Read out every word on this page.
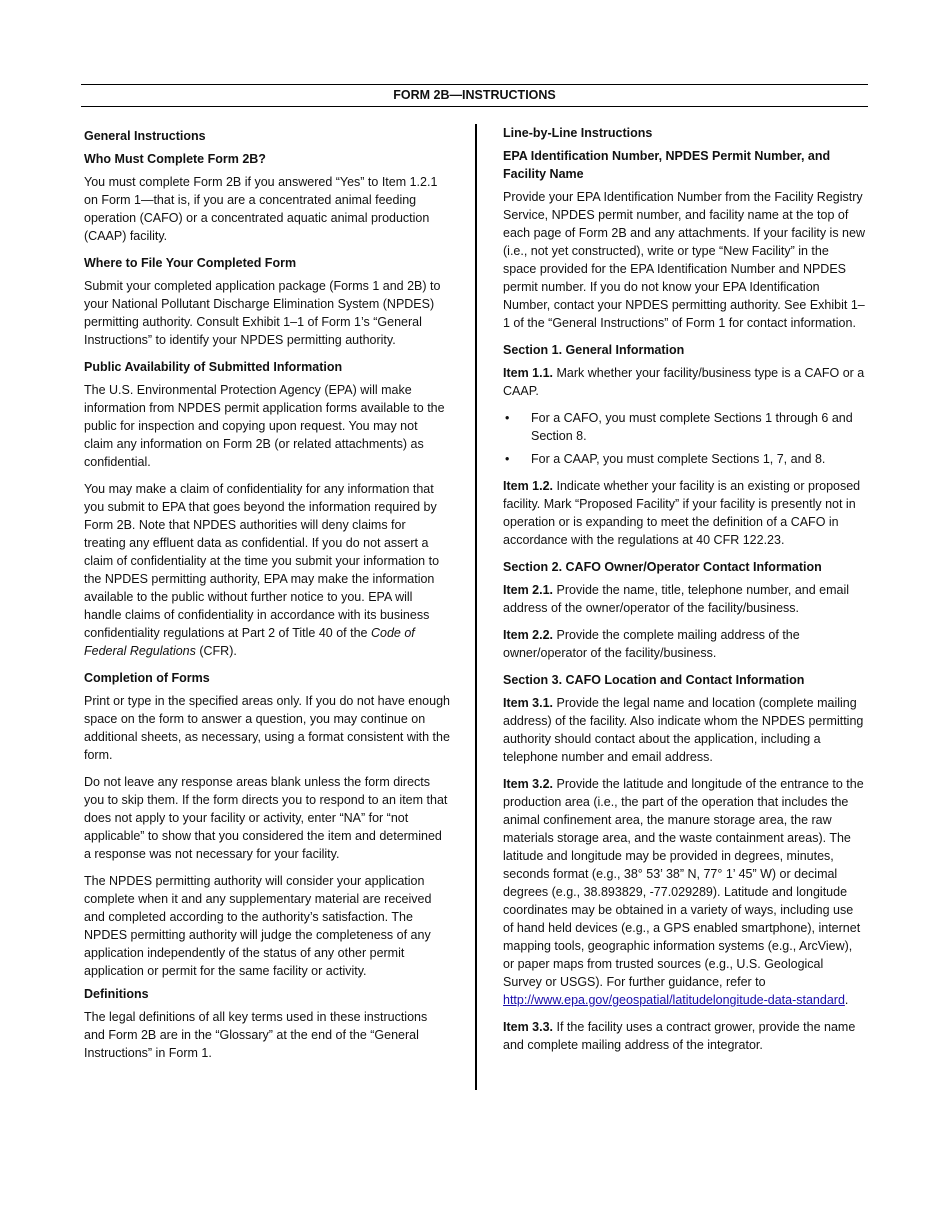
FORM 2B—INSTRUCTIONS
General Instructions
Who Must Complete Form 2B?

You must complete Form 2B if you answered “Yes” to Item 1.2.1 on Form 1—that is, if you are a concentrated animal feeding operation (CAFO) or a concentrated aquatic animal production (CAAP) facility.

Where to File Your Completed Form

Submit your completed application package (Forms 1 and 2B) to your National Pollutant Discharge Elimination System (NPDES) permitting authority. Consult Exhibit 1–1 of Form 1’s “General Instructions” to identify your NPDES permitting authority.

Public Availability of Submitted Information

The U.S. Environmental Protection Agency (EPA) will make information from NPDES permit application forms available to the public for inspection and copying upon request. You may not claim any information on Form 2B (or related attachments) as confidential.

You may make a claim of confidentiality for any information that you submit to EPA that goes beyond the information required by Form 2B. Note that NPDES authorities will deny claims for treating any effluent data as confidential. If you do not assert a claim of confidentiality at the time you submit your information to the NPDES permitting authority, EPA may make the information available to the public without further notice to you. EPA will handle claims of confidentiality in accordance with its business confidentiality regulations at Part 2 of Title 40 of the Code of Federal Regulations (CFR).

Completion of Forms

Print or type in the specified areas only. If you do not have enough space on the form to answer a question, you may continue on additional sheets, as necessary, using a format consistent with the form.

Do not leave any response areas blank unless the form directs you to skip them. If the form directs you to respond to an item that does not apply to your facility or activity, enter “NA” for “not applicable” to show that you considered the item and determined a response was not necessary for your facility.

The NPDES permitting authority will consider your application complete when it and any supplementary material are received and completed according to the authority’s satisfaction. The NPDES permitting authority will judge the completeness of any application independently of the status of any other permit application or permit for the same facility or activity.

Definitions

The legal definitions of all key terms used in these instructions and Form 2B are in the “Glossary” at the end of the “General Instructions” in Form 1.

Line-by-Line Instructions
EPA Identification Number, NPDES Permit Number, and Facility Name

Provide your EPA Identification Number from the Facility Registry Service, NPDES permit number, and facility name at the top of each page of Form 2B and any attachments. If your facility is new (i.e., not yet constructed), write or type “New Facility” in the space provided for the EPA Identification Number and NPDES permit number. If you do not know your EPA Identification Number, contact your NPDES permitting authority. See Exhibit 1–1 of the “General Instructions” of Form 1 for contact information.

Section 1. General Information

Item 1.1. Mark whether your facility/business type is a CAFO or a CAAP.

• For a CAFO, you must complete Sections 1 through 6 and Section 8.
• For a CAAP, you must complete Sections 1, 7, and 8.

Item 1.2. Indicate whether your facility is an existing or proposed facility. Mark “Proposed Facility” if your facility is presently not in operation or is expanding to meet the definition of a CAFO in accordance with the regulations at 40 CFR 122.23.

Section 2. CAFO Owner/Operator Contact Information

Item 2.1. Provide the name, title, telephone number, and email address of the owner/operator of the facility/business.

Item 2.2. Provide the complete mailing address of the owner/operator of the facility/business.

Section 3. CAFO Location and Contact Information

Item 3.1. Provide the legal name and location (complete mailing address) of the facility. Also indicate whom the NPDES permitting authority should contact about the application, including a telephone number and email address.

Item 3.2. Provide the latitude and longitude of the entrance to the production area (i.e., the part of the operation that includes the animal confinement area, the manure storage area, the raw materials storage area, and the waste containment areas). The latitude and longitude may be provided in degrees, minutes, seconds format (e.g., 38° 53’ 38” N, 77° 1’ 45” W) or decimal degrees (e.g., 38.893829, -77.029289). Latitude and longitude coordinates may be obtained in a variety of ways, including use of hand held devices (e.g., a GPS enabled smartphone), internet mapping tools, geographic information systems (e.g., ArcView), or paper maps from trusted sources (e.g., U.S. Geological Survey or USGS). For further guidance, refer to http://www.epa.gov/geospatial/latitudelongitude-data-standard.

Item 3.3. If the facility uses a contract grower, provide the name and complete mailing address of the integrator.
